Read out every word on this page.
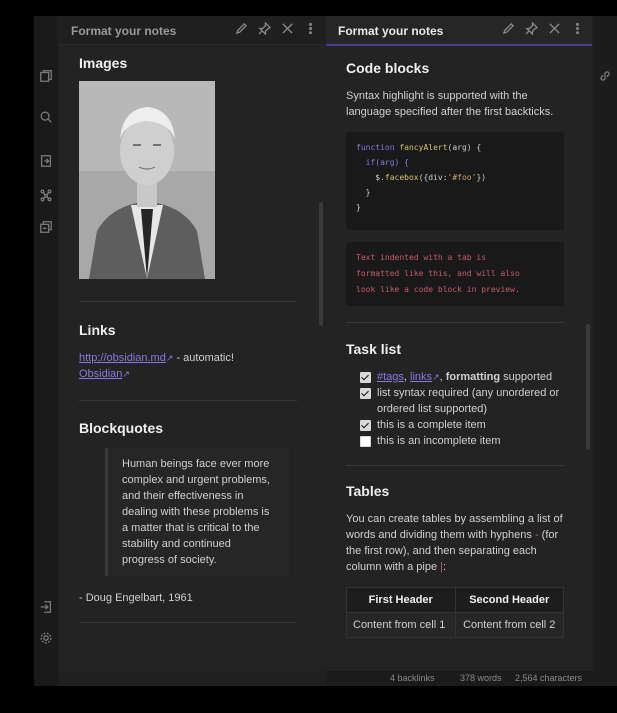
Format your notes
Images
Links

http://obsidian.md↗ - automatic!
Obsidian↗

Blockquotes

Human beings face ever more complex and urgent problems, and their effectiveness in dealing with these problems is a matter that is critical to the stability and continued progress of society.

- Doug Engelbart, 1961

Format your notes
Code blocks

Syntax highlight is supported with the language specified after the first backticks.

function fancyAlert(arg) {
if(arg) {
$.facebox({div:'#foo'})
}
}
Text indented with a tab is
formatted like this, and will also
look like a code block in preview.
Task list
#tags, links↗, formatting supported
list syntax required (any unordered or ordered list supported)
this is a complete item
this is an incomplete item
Tables

You can create tables by assembling a list of words and dividing them with hyphens - (for the first row), and then separating each column with a pipe |:

First Header	Second Header
Content from cell 1	Content from cell 2
4 backlinks	378 words 2,564 characters
